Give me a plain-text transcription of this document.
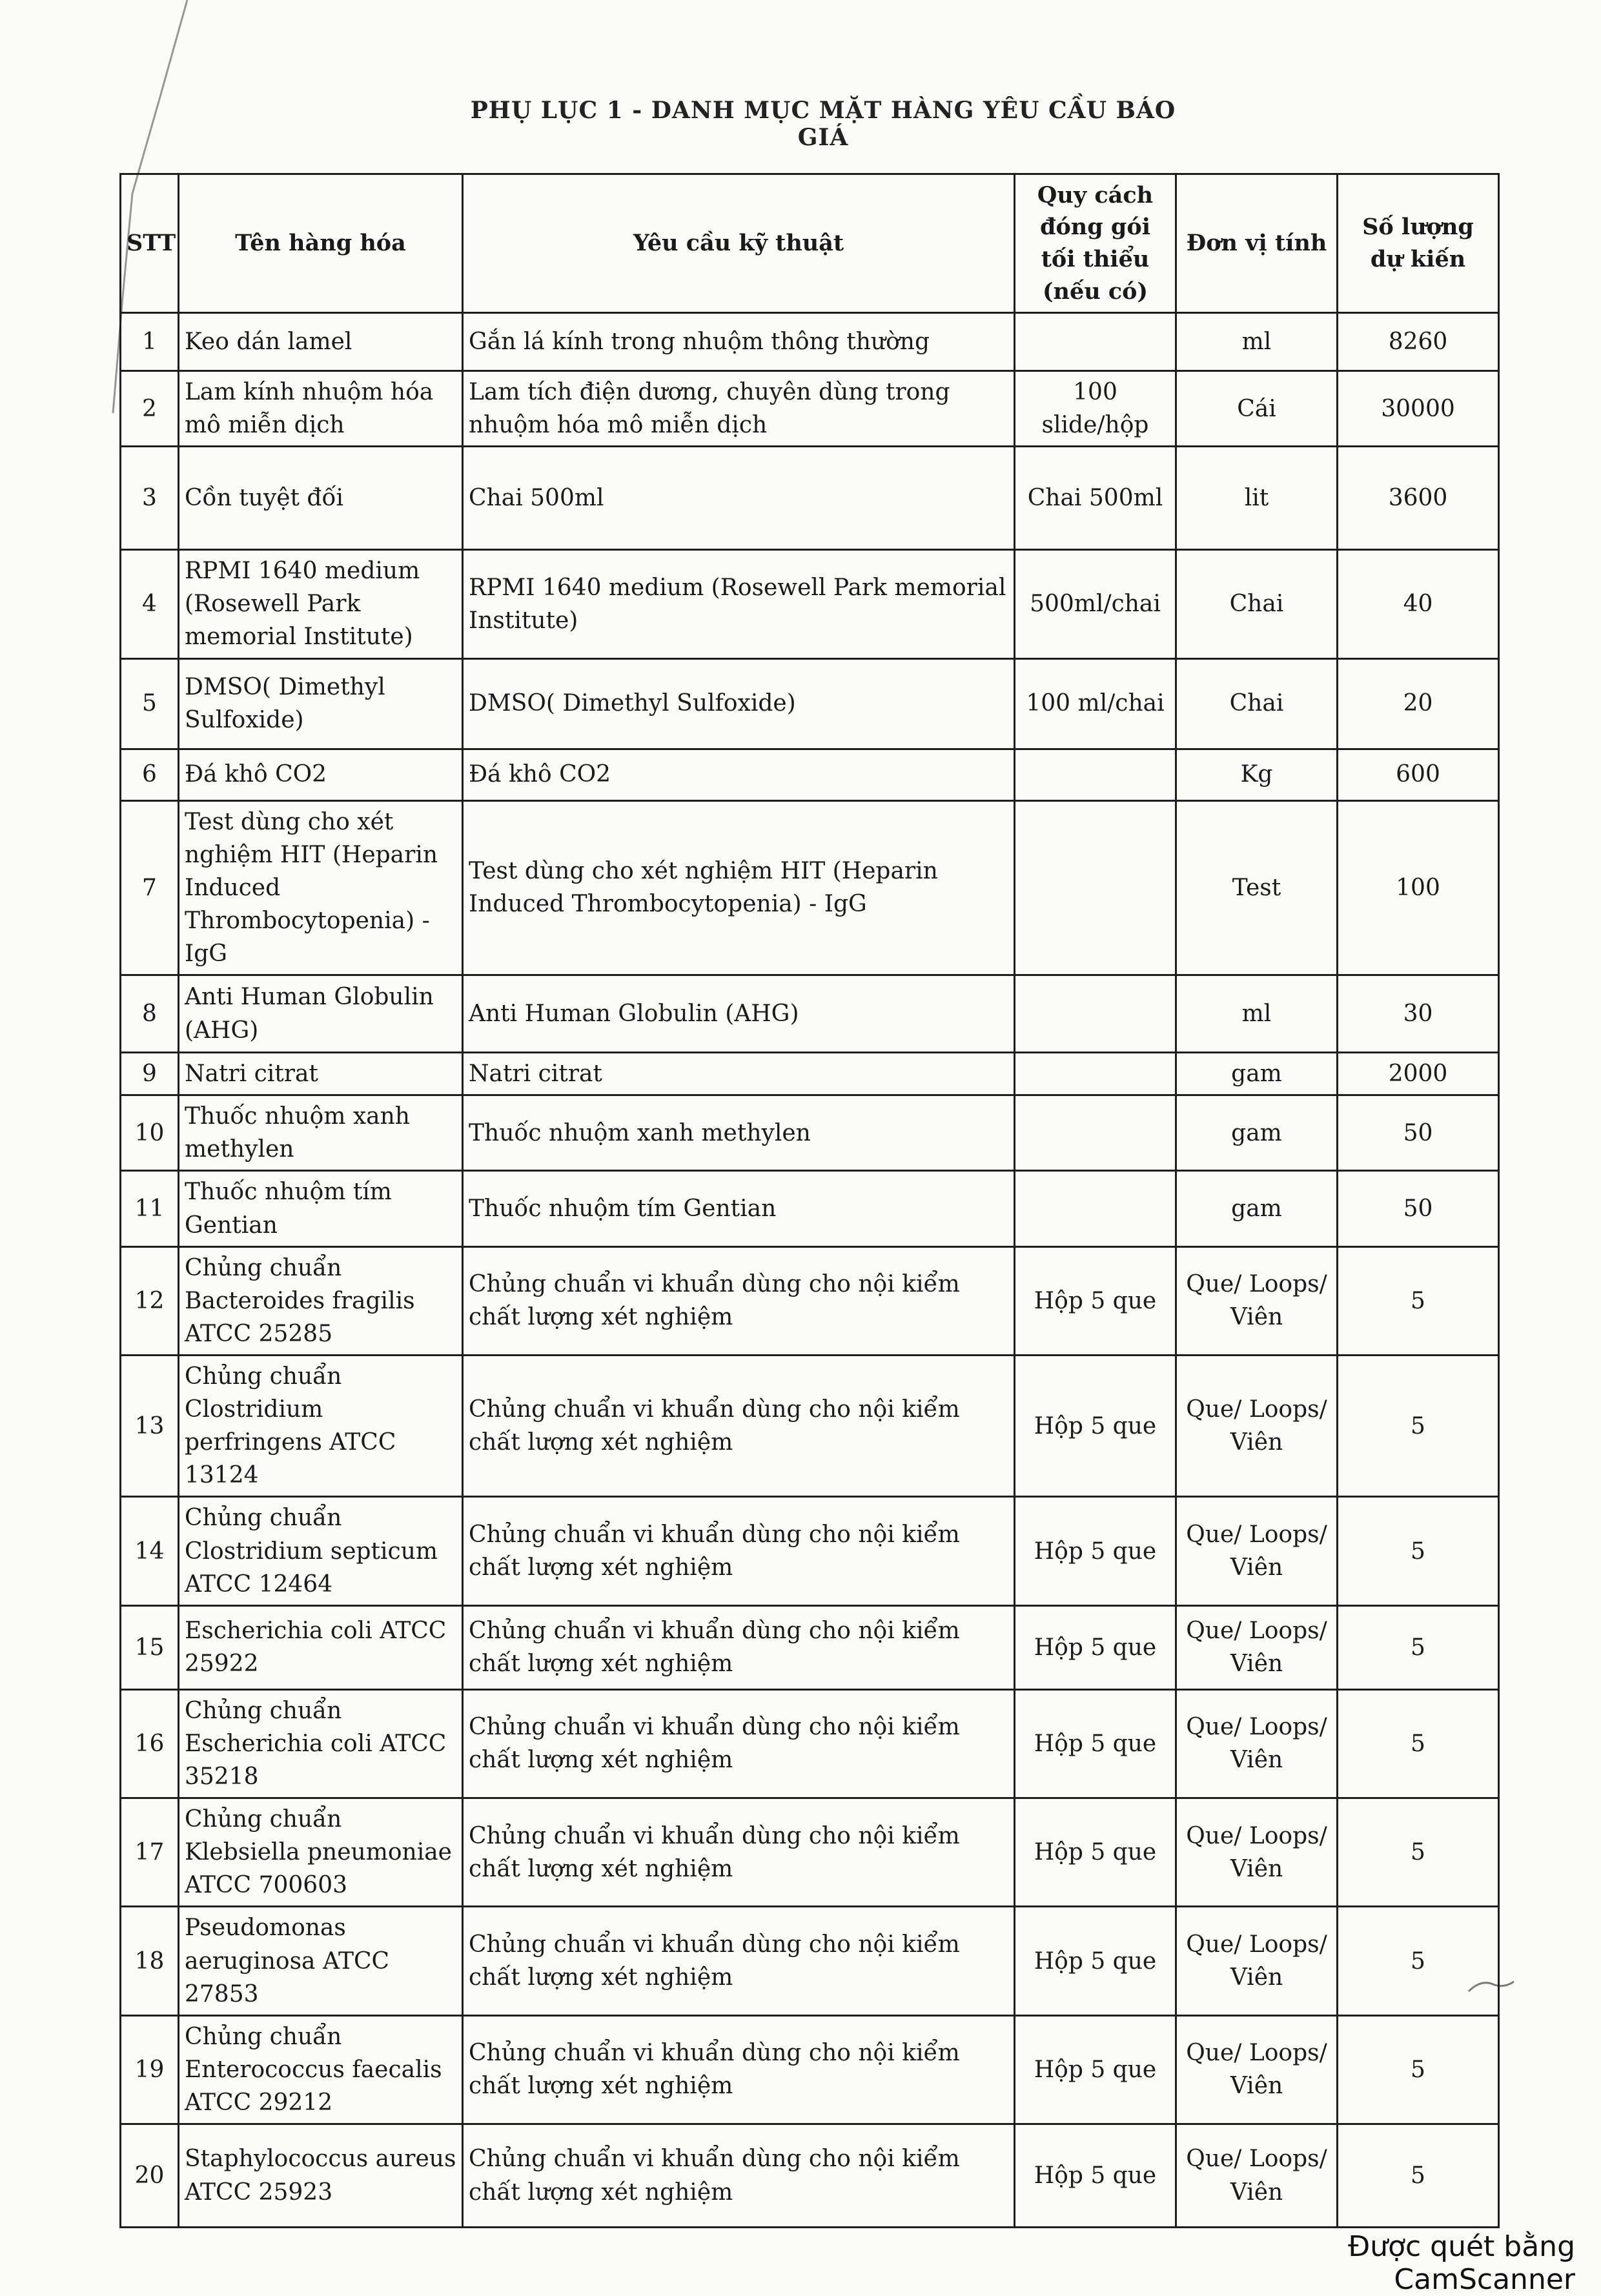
PHỤ LỤC 1 - DANH MỤC MẶT HÀNG YÊU CẦU BÁO GIÁ
STT	Tên hàng hóa	Yêu cầu kỹ thuật	Quy cách đóng gói tối thiểu (nếu có)	Đơn vị tính	Số lượng dự kiến
1	Keo dán lamel	Gắn lá kính trong nhuộm thông thường		ml	8260
2	Lam kính nhuộm hóa mô miễn dịch	Lam tích điện dương, chuyên dùng trong nhuộm hóa mô miễn dịch	100 slide/hộp	Cái	30000
3	Cồn tuyệt đối	Chai 500ml	Chai 500ml	lit	3600
4	RPMI 1640 medium (Rosewell Park memorial Institute)	RPMI 1640 medium (Rosewell Park memorial Institute)	500ml/chai	Chai	40
5	DMSO( Dimethyl Sulfoxide)	DMSO( Dimethyl Sulfoxide)	100 ml/chai	Chai	20
6	Đá khô CO2	Đá khô CO2		Kg	600
7	Test dùng cho xét nghiệm HIT (Heparin Induced Thrombocytopenia) - IgG	Test dùng cho xét nghiệm HIT (Heparin Induced Thrombocytopenia) - IgG		Test	100
8	Anti Human Globulin (AHG)	Anti Human Globulin (AHG)		ml	30
9	Natri citrat	Natri citrat		gam	2000
10	Thuốc nhuộm xanh methylen	Thuốc nhuộm xanh methylen		gam	50
11	Thuốc nhuộm tím Gentian	Thuốc nhuộm tím Gentian		gam	50
12	Chủng chuẩn Bacteroides fragilis ATCC 25285	Chủng chuẩn vi khuẩn dùng cho nội kiểm chất lượng xét nghiệm	Hộp 5 que	Que/ Loops/ Viên	5
13	Chủng chuẩn Clostridium perfringens ATCC 13124	Chủng chuẩn vi khuẩn dùng cho nội kiểm chất lượng xét nghiệm	Hộp 5 que	Que/ Loops/ Viên	5
14	Chủng chuẩn Clostridium septicum ATCC 12464	Chủng chuẩn vi khuẩn dùng cho nội kiểm chất lượng xét nghiệm	Hộp 5 que	Que/ Loops/ Viên	5
15	Escherichia coli ATCC 25922	Chủng chuẩn vi khuẩn dùng cho nội kiểm chất lượng xét nghiệm	Hộp 5 que	Que/ Loops/ Viên	5
16	Chủng chuẩn Escherichia coli ATCC 35218	Chủng chuẩn vi khuẩn dùng cho nội kiểm chất lượng xét nghiệm	Hộp 5 que	Que/ Loops/ Viên	5
17	Chủng chuẩn Klebsiella pneumoniae ATCC 700603	Chủng chuẩn vi khuẩn dùng cho nội kiểm chất lượng xét nghiệm	Hộp 5 que	Que/ Loops/ Viên	5
18	Pseudomonas aeruginosa ATCC 27853	Chủng chuẩn vi khuẩn dùng cho nội kiểm chất lượng xét nghiệm	Hộp 5 que	Que/ Loops/ Viên	5
19	Chủng chuẩn Enterococcus faecalis ATCC 29212	Chủng chuẩn vi khuẩn dùng cho nội kiểm chất lượng xét nghiệm	Hộp 5 que	Que/ Loops/ Viên	5
20	Staphylococcus aureus ATCC 25923	Chủng chuẩn vi khuẩn dùng cho nội kiểm chất lượng xét nghiệm	Hộp 5 que	Que/ Loops/ Viên	5
Được quét bằng CamScanner
